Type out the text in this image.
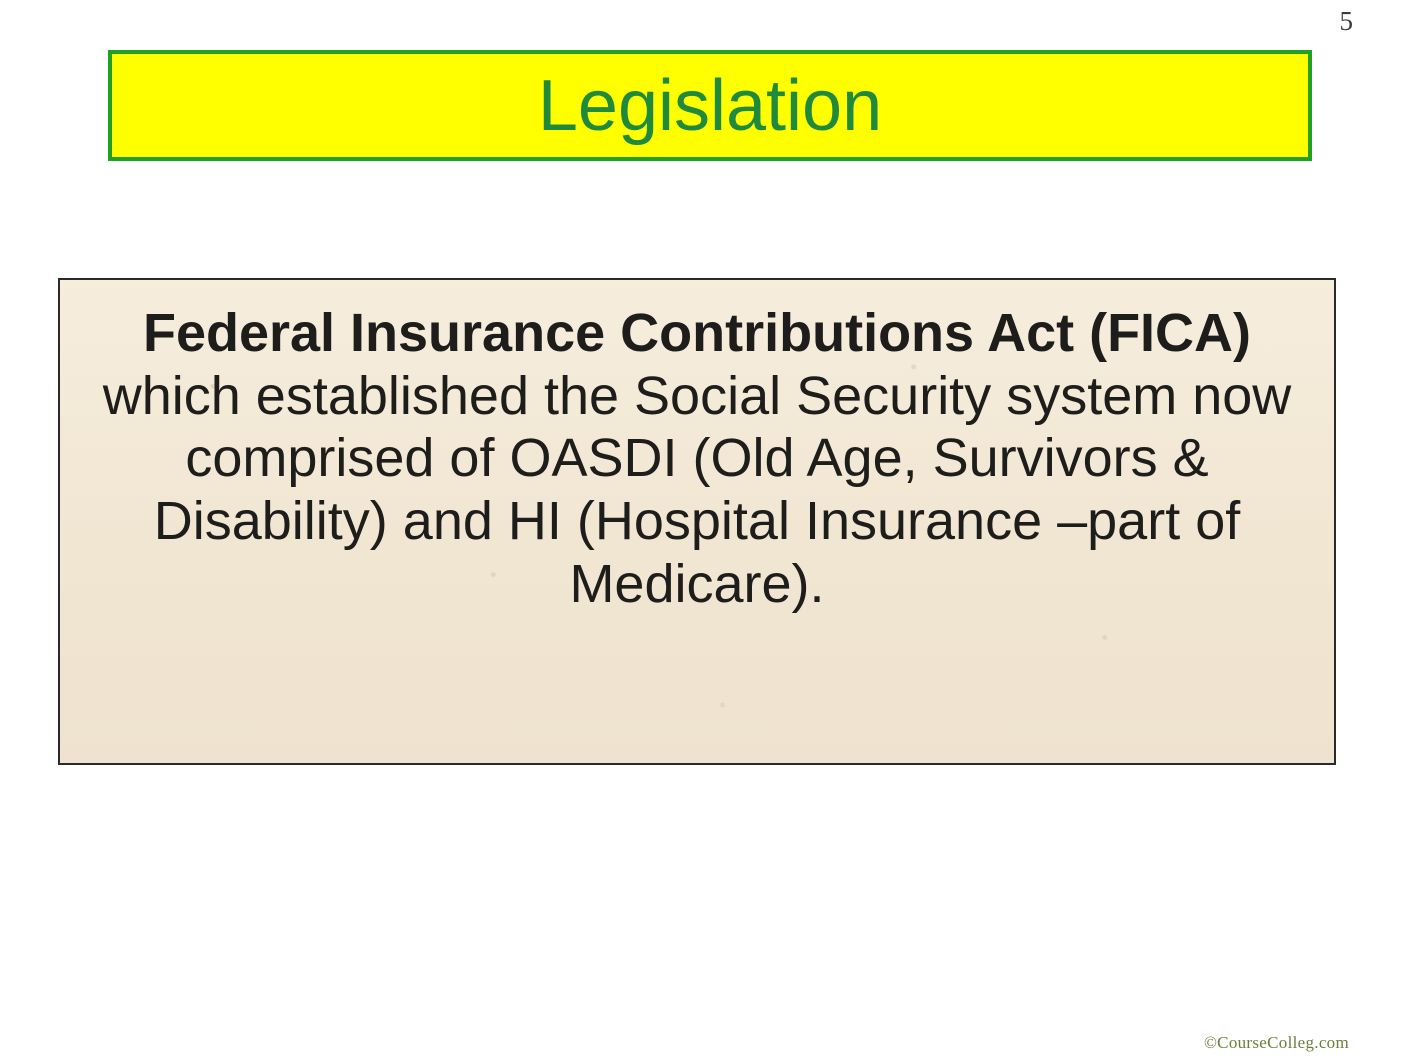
5
Legislation

Federal Insurance Contributions Act (FICA) which established the Social Security system now comprised of OASDI (Old Age, Survivors & Disability) and HI (Hospital Insurance –part of Medicare).

©CourseColleg.com
